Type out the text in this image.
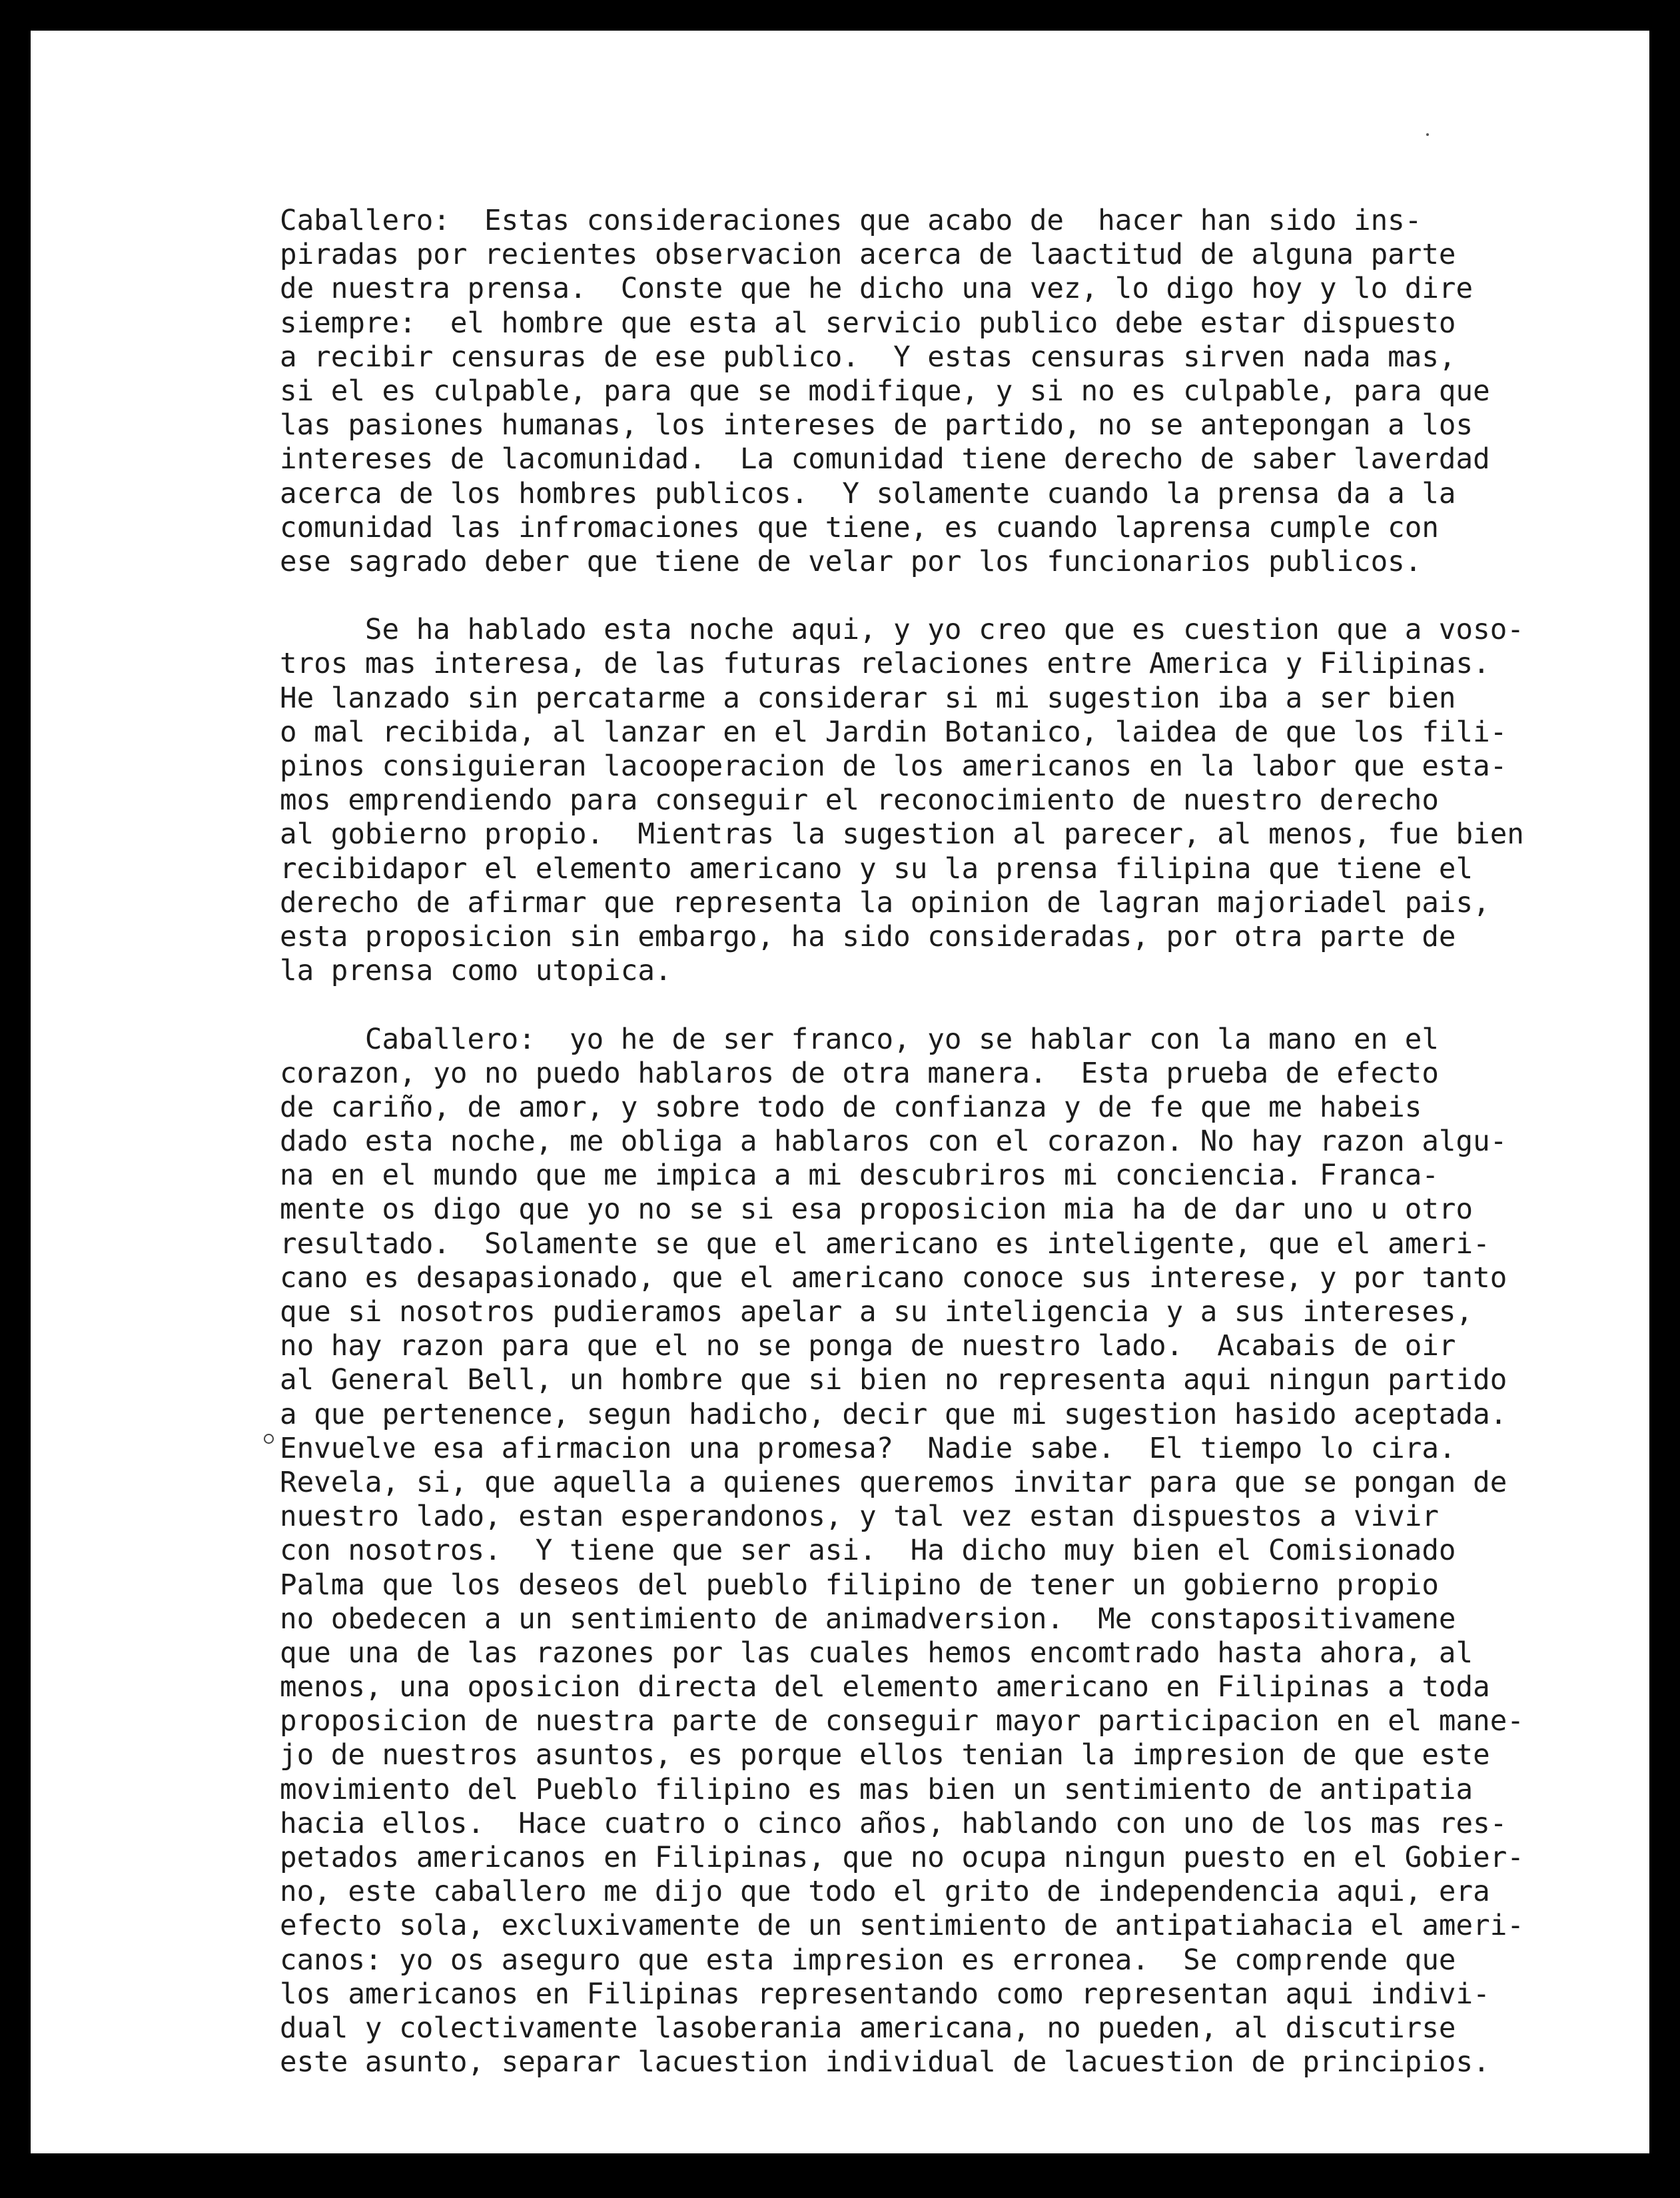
Caballero:  Estas consideraciones que acabo de  hacer han sido ins-
piradas por recientes observacion acerca de laactitud de alguna parte
de nuestra prensa.  Conste que he dicho una vez, lo digo hoy y lo dire
siempre:  el hombre que esta al servicio publico debe estar dispuesto
a recibir censuras de ese publico.  Y estas censuras sirven nada mas,
si el es culpable, para que se modifique, y si no es culpable, para que
las pasiones humanas, los intereses de partido, no se antepongan a los
intereses de lacomunidad.  La comunidad tiene derecho de saber laverdad
acerca de los hombres publicos.  Y solamente cuando la prensa da a la
comunidad las infromaciones que tiene, es cuando laprensa cumple con
ese sagrado deber que tiene de velar por los funcionarios publicos.
Se ha hablado esta noche aqui, y yo creo que es cuestion que a voso-
tros mas interesa, de las futuras relaciones entre America y Filipinas.
He lanzado sin percatarme a considerar si mi sugestion iba a ser bien
o mal recibida, al lanzar en el Jardin Botanico, laidea de que los fili-
pinos consiguieran lacooperacion de los americanos en la labor que esta-
mos emprendiendo para conseguir el reconocimiento de nuestro derecho
al gobierno propio.  Mientras la sugestion al parecer, al menos, fue bien
recibidapor el elemento americano y su la prensa filipina que tiene el
derecho de afirmar que representa la opinion de lagran majoriadel pais,
esta proposicion sin embargo, ha sido consideradas, por otra parte de
la prensa como utopica.
Caballero:  yo he de ser franco, yo se hablar con la mano en el
corazon, yo no puedo hablaros de otra manera.  Esta prueba de efecto
de cariño, de amor, y sobre todo de confianza y de fe que me habeis
dado esta noche, me obliga a hablaros con el corazon. No hay razon algu-
na en el mundo que me impica a mi descubriros mi conciencia. Franca-
mente os digo que yo no se si esa proposicion mia ha de dar uno u otro
resultado.  Solamente se que el americano es inteligente, que el ameri-
cano es desapasionado, que el americano conoce sus interese, y por tanto
que si nosotros pudieramos apelar a su inteligencia y a sus intereses,
no hay razon para que el no se ponga de nuestro lado.  Acabais de oir
al General Bell, un hombre que si bien no representa aqui ningun partido
a que pertenence, segun hadicho, decir que mi sugestion hasido aceptada.
Envuelve esa afirmacion una promesa?  Nadie sabe.  El tiempo lo cira.
Revela, si, que aquella a quienes queremos invitar para que se pongan de
nuestro lado, estan esperandonos, y tal vez estan dispuestos a vivir
con nosotros.  Y tiene que ser asi.  Ha dicho muy bien el Comisionado
Palma que los deseos del pueblo filipino de tener un gobierno propio
no obedecen a un sentimiento de animadversion.  Me constapositivamene
que una de las razones por las cuales hemos encomtrado hasta ahora, al
menos, una oposicion directa del elemento americano en Filipinas a toda
proposicion de nuestra parte de conseguir mayor participacion en el mane-
jo de nuestros asuntos, es porque ellos tenian la impresion de que este
movimiento del Pueblo filipino es mas bien un sentimiento de antipatia
hacia ellos.  Hace cuatro o cinco años, hablando con uno de los mas res-
petados americanos en Filipinas, que no ocupa ningun puesto en el Gobier-
no, este caballero me dijo que todo el grito de independencia aqui, era
efecto sola, excluxivamente de un sentimiento de antipatiahacia el ameri-
canos: yo os aseguro que esta impresion es erronea.  Se comprende que
los americanos en Filipinas representando como representan aqui indivi-
dual y colectivamente lasoberania americana, no pueden, al discutirse
este asunto, separar lacuestion individual de lacuestion de principios.
